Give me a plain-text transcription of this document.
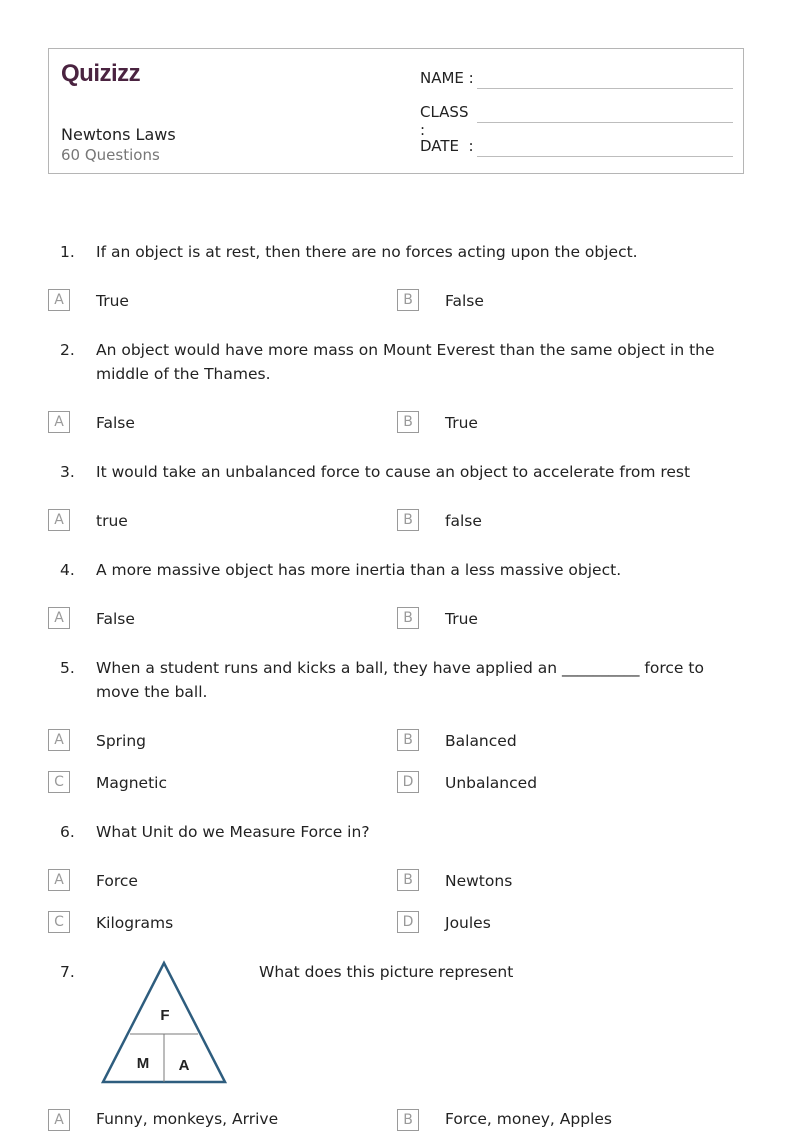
Quizizz
Newtons Laws
60 Questions
NAME :
CLASS :
DATE  :
1.	If an object is at rest, then there are no forces acting upon the object.
A	True	B	False
2.	An object would have more mass on Mount Everest than the same object in the middle of the Thames.
A	False	B	True
3.	It would take an unbalanced force to cause an object to accelerate from rest
A	true	B	false
4.	A more massive object has more inertia than a less massive object.
A	False	B	True
5.	When a student runs and kicks a ball, they have applied an __________ force to move the ball.
A	Spring	B	Balanced
C	Magnetic	D	Unbalanced
6.	What Unit do we Measure Force in?
A	Force	B	Newtons
C	Kilograms	D	Joules
7.	What does this picture represent
F
M A
A	Funny, monkeys, Arrive	B	Force, money, Apples
